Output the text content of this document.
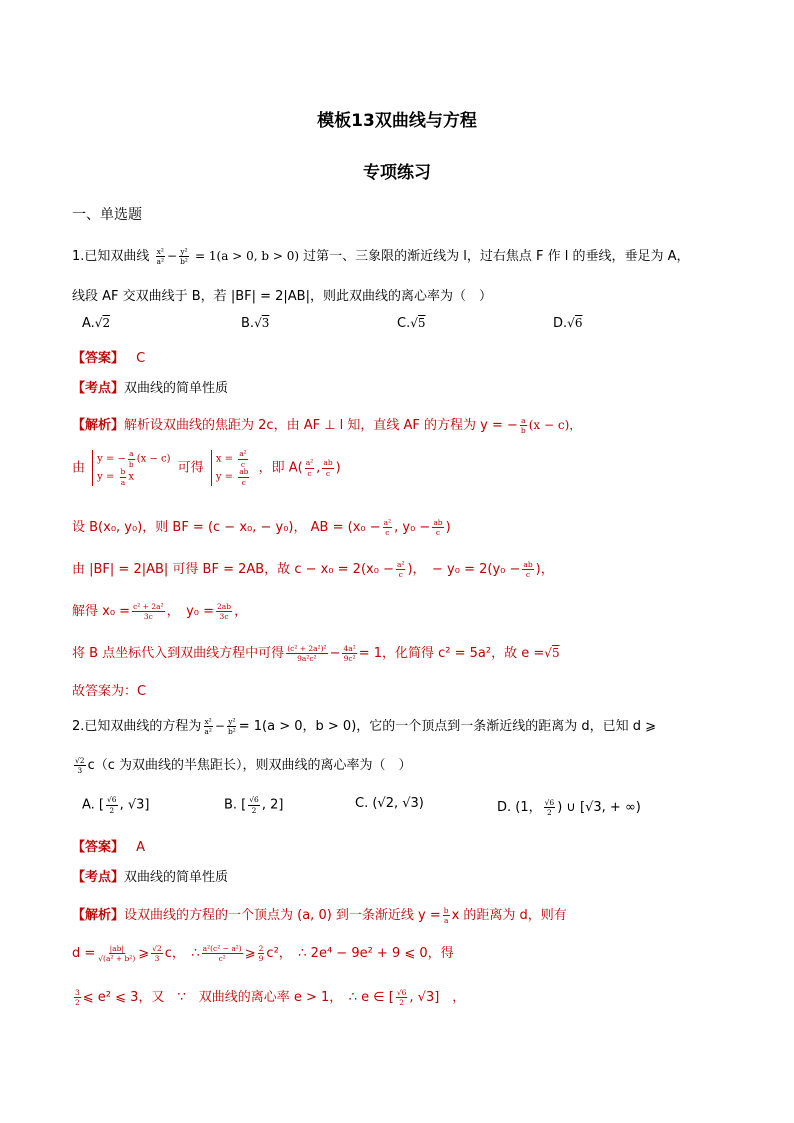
模板13双曲线与方程
专项练习
一、单选题
1.已知双曲线 $\frac{\text{x²}}{\text{a²}} - \frac{\text{y²}}{\text{b²}} = 1(a > 0$, b > 0) 过第一、三象限的渐近线为 l，过右焦点 F 作 l 的垂线，垂足为 A，
线段 AF 交双曲线于 B，若 |BF| = 2|AB|，则此双曲线的离心率为（　）
A.√2	B.√3	C.√5	D.√6
【答案】 C
【考点】双曲线的简单性质
【解析】解析设双曲线的焦距为 2c，由 AF ⊥ l 知，直线 AF 的方程为 y = − $\frac{a}{b} (x - c)$，
由 y = − $\frac{a}{b} (x - c)$
$y = \frac{b}{a}$ x 可得 $x = \frac{\text{a²}}{c}$

$y = \frac{ab}{c}$ ，即 $A( \frac{\text{a²}}{c}$ , $\frac{ab}{c}$ )
设 B(x₀, y₀)，则 BF = (c − x₀, − y₀)， AB = ($x_0 - \frac{\text{a²}}{c}$ , $y_0 - \frac{ab}{c}$ )
由 |BF| = 2|AB| 可得 BF = 2AB，故 $c - x_0 = 2(x_0 - \frac{\text{a²}}{c}$ )，　− $y_0 = 2(y_0 - \frac{ab}{c}$ )，
解得 $x_0 = \frac{\text{c² + 2a²}}{3c}$ ，　$y_0 = \frac{2ab}{3c}$ ，
将 B 点坐标代入到双曲线方程中可得 $\frac{\text{(c² + 2a²)²}}{\text{9a²c²}} - \frac{\text{4a²}}{\text{9c²}} = 1$，化简得 c² = 5a²，故 e =√5
故答案为：C
2.已知双曲线的方程为 $\frac{\text{x²}}{\text{a²}} - \frac{\text{y²}}{\text{b²}} = 1(a > 0$，b > 0)，它的一个顶点到一条渐近线的距离为 d，已知 d ⩾
$\frac{√2}{3} c(c$ 为双曲线的半焦距长），则双曲线的离心率为（　）
A. [ $\frac{√6}{2}$ , √3]	B. [ $\frac{√6}{2}$ , 2]	C. (√2, √3)	D. (1， $\frac{√6}{2}$ ) ∪ [√3, + ∞)
【答案】 A
【考点】双曲线的简单性质
【解析】设双曲线的方程的一个顶点为 (a, 0) 到一条渐近线 $y = \frac{b}{a}$ x 的距离为 d，则有
$d = \frac{|ab|}{\text{√(a² + b²)}}$ ⩾ $\frac{√2}{3}$ c，　∴ $\frac{\text{a²(c² − a²)}}{\text{c²}}$ ⩾ $\frac{2}{9} c^2$，　∴ 2e⁴ − 9e² + 9 ⩽ 0，得
$\frac{3}{2}$ ⩽ e² ⩽ 3，又　∵　双曲线的离心率 e > 1，　∴ e ∈ [ $\frac{√6}{2}$ , √3]　，
